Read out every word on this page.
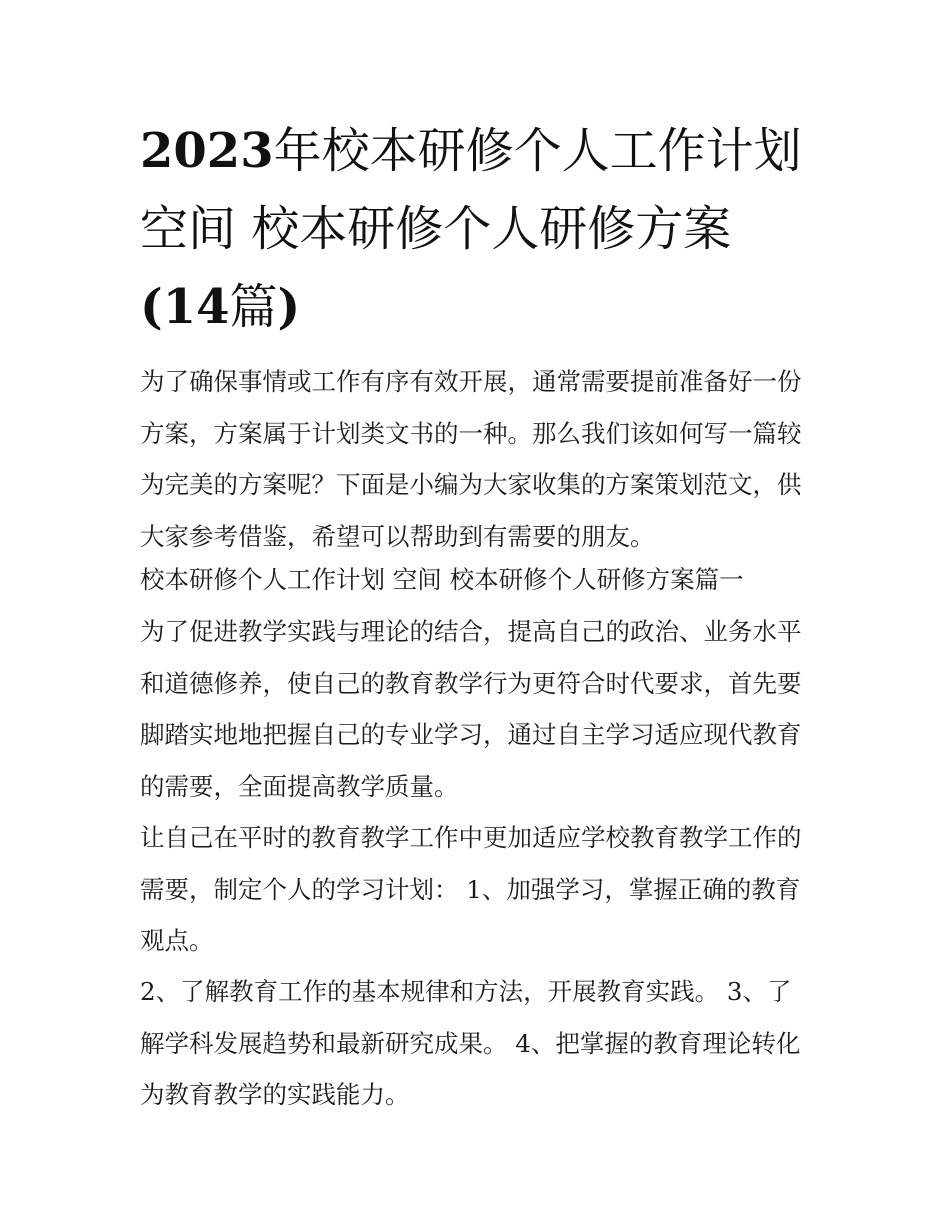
2023年校本研修个人工作计划
空间 校本研修个人研修方案
(14篇)

为了确保事情或工作有序有效开展，通常需要提前准备好一份
方案，方案属于计划类文书的一种。那么我们该如何写一篇较
为完美的方案呢？下面是小编为大家收集的方案策划范文，供
大家参考借鉴，希望可以帮助到有需要的朋友。

校本研修个人工作计划 空间 校本研修个人研修方案篇一

为了促进教学实践与理论的结合，提高自己的政治、业务水平
和道德修养，使自己的教育教学行为更符合时代要求，首先要
脚踏实地地把握自己的专业学习，通过自主学习适应现代教育
的需要，全面提高教学质量。

让自己在平时的教育教学工作中更加适应学校教育教学工作的
需要，制定个人的学习计划： 1、加强学习，掌握正确的教育
观点。

2、了解教育工作的基本规律和方法，开展教育实践。 3、了
解学科发展趋势和最新研究成果。 4、把掌握的教育理论转化
为教育教学的实践能力。
